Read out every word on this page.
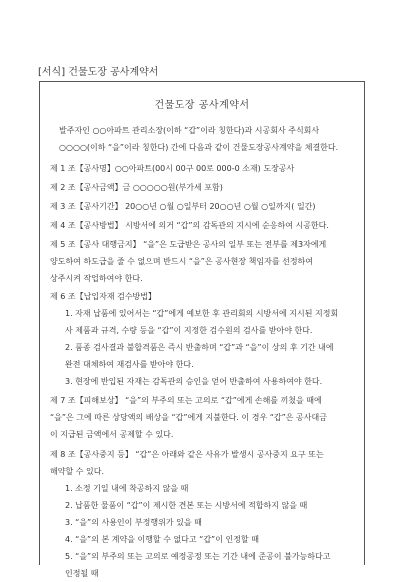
[서식] 건물도장 공사계약서
건물도장 공사계약서
발주자인 ○○아파트 관리소장(이하 “갑”이라 칭한다)과 시공회사 주식회사 ○○○○(이하 “을”이라 칭한다) 간에 다음과 같이 건물도장공사계약을 체결한다.
제 1 조【공사명】○○아파트(00시 00구 00로 000-0 소재) 도장공사
제 2 조【공사금액】금 ○○○○○원(부가세 포함)
제 3 조【공사기간】 20○○년 ○월 ○일부터 20○○년 ○월 ○일까지( 일간)
제 4 조【공사방법】 시방서에 의거 “갑”의 감독관의 지시에 순응하여 시공한다.
제 5 조【공사 대행금지】 “을”은 도급받은 공사의 일부 또는 전부를 제3자에게
양도하여 하도급을 줄 수 없으며 반드시 “을”은 공사현장 책임자를 선정하여
상주시켜 작업하여야 한다.
제 6 조【납입자재 검수방법】
1. 자재 납품에 있어서는 “갑”에게 예보한 후 관리회의 시방서에 지시된 지정회
사 제품과 규격, 수량 등을 “갑”이 지정한 검수원의 검사를 받아야 한다.
2. 품종 검사결과 불합격품은 즉시 반출하며 “갑”과 “을”이 상의 후 기간 내에
완전 대체하여 재검사를 받아야 한다.
3. 현장에 반입된 자재는 감독관의 승인을 얻어 반출하여 사용하여야 한다.
제 7 조【피해보상】 “을”의 부주의 또는 고의로 “갑”에게 손해를 끼쳤을 때에
“을”은 그에 따른 상당액의 배상을 “갑”에게 지불한다. 이 경우 “갑”은 공사대금
이 지급된 금액에서 공제할 수 있다.
제 8 조【공사중지 등】 “갑”은 아래와 같은 사유가 발생시 공사중지 요구 또는
해약할 수 있다.
1. 소정 기일 내에 착공하지 않을 때
2. 납품한 물품이 “갑”이 제시한 견본 또는 시방서에 적합하지 않을 때
3. “을”의 사용인이 부정행위가 있을 때
4. “을”의 본 계약을 이행할 수 없다고 “갑”이 인정할 때
5. “을”의 부주의 또는 고의로 예정공정 또는 기간 내에 준공이 불가능하다고
인정될 때
